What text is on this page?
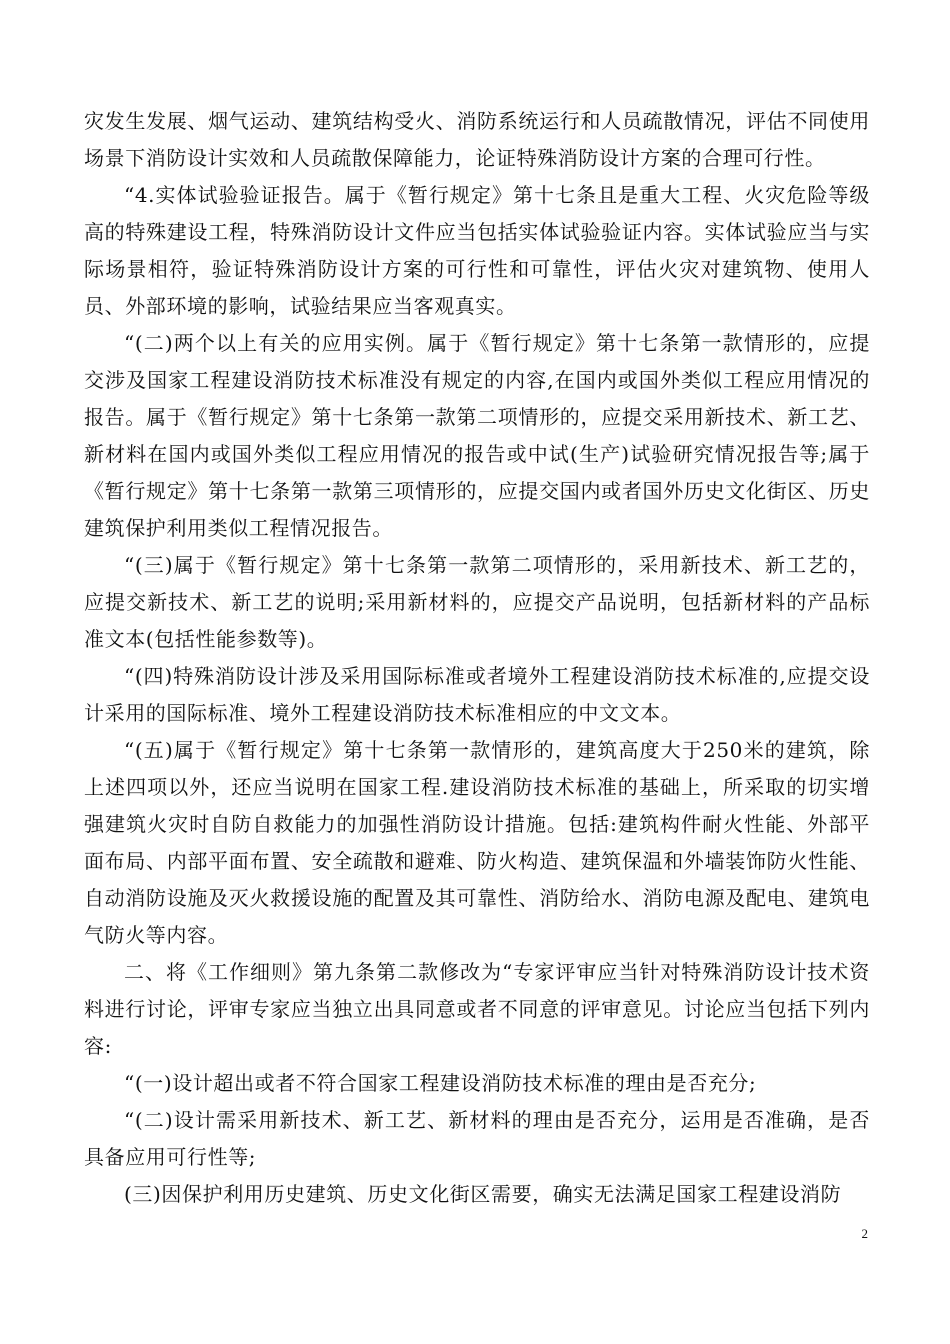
灾发生发展、烟气运动、建筑结构受火、消防系统运行和人员疏散情况，评估不同使用场景下消防设计实效和人员疏散保障能力，论证特殊消防设计方案的合理可行性。

“4.实体试验验证报告。属于《暂行规定》第十七条且是重大工程、火灾危险等级高的特殊建设工程，特殊消防设计文件应当包括实体试验验证内容。实体试验应当与实际场景相符，验证特殊消防设计方案的可行性和可靠性，评估火灾对建筑物、使用人员、外部环境的影响，试验结果应当客观真实。

“(二)两个以上有关的应用实例。属于《暂行规定》第十七条第一款情形的，应提交涉及国家工程建设消防技术标准没有规定的内容,在国内或国外类似工程应用情况的报告。属于《暂行规定》第十七条第一款第二项情形的，应提交采用新技术、新工艺、新材料在国内或国外类似工程应用情况的报告或中试(生产)试验研究情况报告等;属于《暂行规定》第十七条第一款第三项情形的，应提交国内或者国外历史文化街区、历史建筑保护利用类似工程情况报告。

“(三)属于《暂行规定》第十七条第一款第二项情形的，采用新技术、新工艺的，应提交新技术、新工艺的说明;采用新材料的，应提交产品说明，包括新材料的产品标准文本(包括性能参数等)。

“(四)特殊消防设计涉及采用国际标准或者境外工程建设消防技术标准的,应提交设计采用的国际标准、境外工程建设消防技术标准相应的中文文本。

“(五)属于《暂行规定》第十七条第一款情形的，建筑高度大于250米的建筑，除上述四项以外，还应当说明在国家工程.建设消防技术标准的基础上，所采取的切实增强建筑火灾时自防自救能力的加强性消防设计措施。包括:建筑构件耐火性能、外部平面布局、内部平面布置、安全疏散和避难、防火构造、建筑保温和外墙装饰防火性能、自动消防设施及灭火救援设施的配置及其可靠性、消防给水、消防电源及配电、建筑电气防火等内容。

二、将《工作细则》第九条第二款修改为“专家评审应当针对特殊消防设计技术资料进行讨论，评审专家应当独立出具同意或者不同意的评审意见。讨论应当包括下列内容:

“(一)设计超出或者不符合国家工程建设消防技术标准的理由是否充分;

“(二)设计需采用新技术、新工艺、新材料的理由是否充分，运用是否准确，是否具备应用可行性等;

(三)因保护利用历史建筑、历史文化街区需要，确实无法满足国家工程建设消防

2
